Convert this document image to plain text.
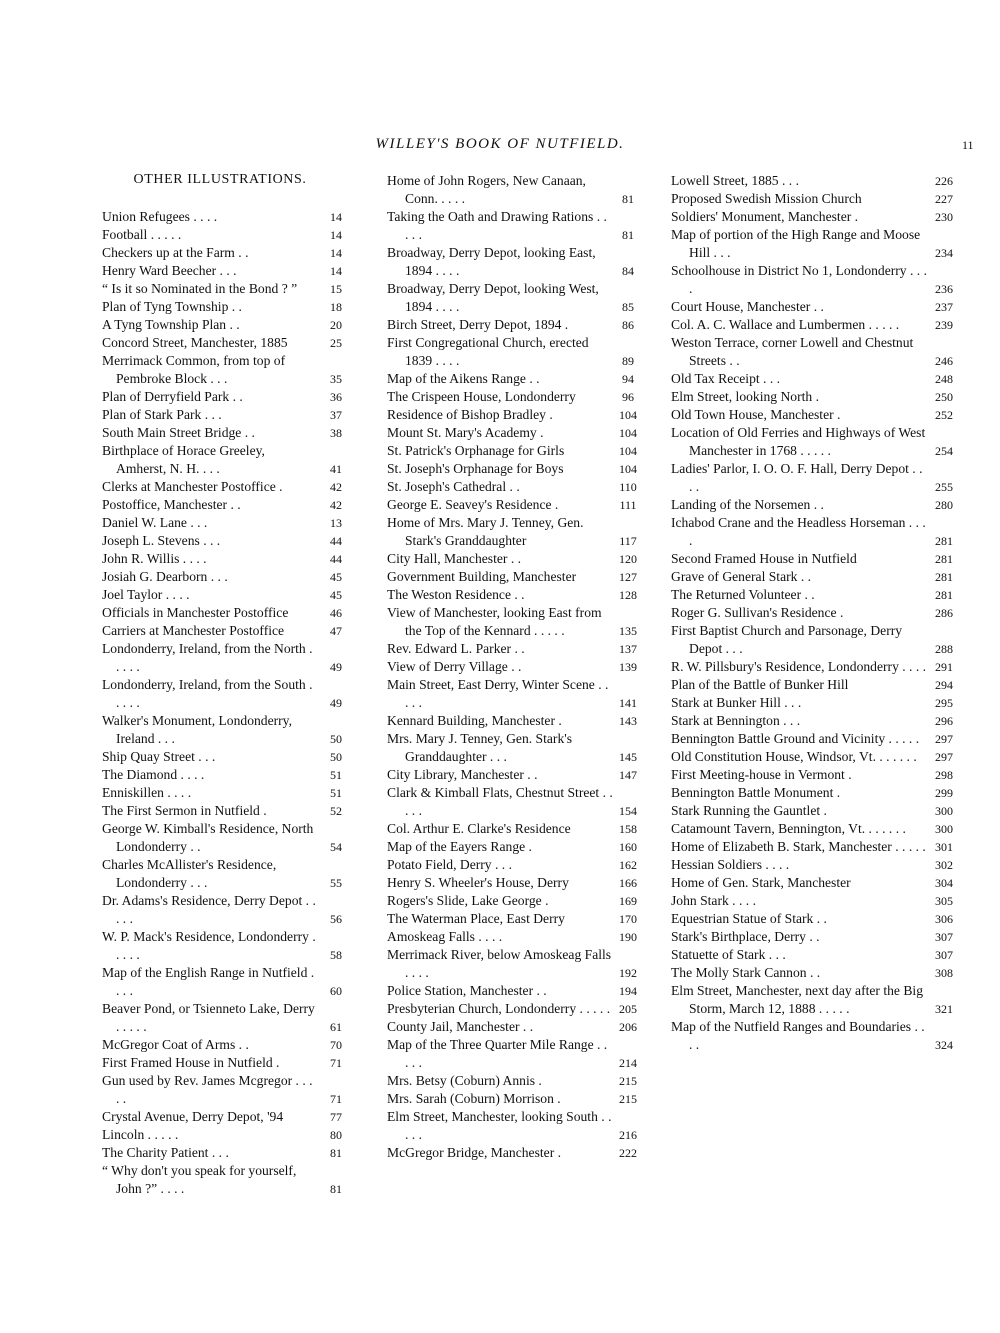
WILLEY'S BOOK OF NUTFIELD.	11
OTHER ILLUSTRATIONS.
Union Refugees . . . .	14
Football . . . . .	14
Checkers up at the Farm . .	14
Henry Ward Beecher . . .	14
“ Is it so Nominated in the Bond ? ”	15
Plan of Tyng Township . .	18
A Tyng Township Plan . .	20
Concord Street, Manchester, 1885	25
Merrimack Common, from top of Pembroke Block . . .	35
Plan of Derryfield Park . .	36
Plan of Stark Park . . .	37
South Main Street Bridge . .	38
Birthplace of Horace Greeley, Amherst, N. H. . . .	41
Clerks at Manchester Postoffice .	42
Postoffice, Manchester . .	42
Daniel W. Lane . . .	13
Joseph L. Stevens . . .	44
John R. Willis . . . .	44
Josiah G. Dearborn . . .	45
Joel Taylor . . . .	45
Officials in Manchester Postoffice	46
Carriers at Manchester Postoffice	47
Londonderry, Ireland, from the North . . . . .	49
Londonderry, Ireland, from the South . . . . .	49
Walker's Monument, Londonderry, Ireland . . .	50
Ship Quay Street . . .	50
The Diamond . . . .	51
Enniskillen . . . .	51
The First Sermon in Nutfield .	52
George W. Kimball's Residence, North Londonderry . .	54
Charles McAllister's Residence, Londonderry . . .	55
Dr. Adams's Residence, Derry Depot . . . . .	56
W. P. Mack's Residence, Londonderry . . . . .	58
Map of the English Range in Nutfield . . . .	60
Beaver Pond, or Tsienneto Lake, Derry . . . . .	61
McGregor Coat of Arms . .	70
First Framed House in Nutfield .	71
Gun used by Rev. James Mcgregor . . . . .	71
Crystal Avenue, Derry Depot, '94	77
Lincoln . . . . .	80
The Charity Patient . . .	81
“ Why don't you speak for yourself, John ?” . . . .	81
Home of John Rogers, New Canaan, Conn. . . . .	81
Taking the Oath and Drawing Rations . . . . .	81
Broadway, Derry Depot, looking East, 1894 . . . .	84
Broadway, Derry Depot, looking West, 1894 . . . .	85
Birch Street, Derry Depot, 1894 .	86
First Congregational Church, erected 1839 . . . .	89
Map of the Aikens Range . .	94
The Crispeen House, Londonderry	96
Residence of Bishop Bradley .	104
Mount St. Mary's Academy .	104
St. Patrick's Orphanage for Girls	104
St. Joseph's Orphanage for Boys	104
St. Joseph's Cathedral . .	110
George E. Seavey's Residence .	111
Home of Mrs. Mary J. Tenney, Gen. Stark's Granddaughter	117
City Hall, Manchester . .	120
Government Building, Manchester	127
The Weston Residence . .	128
View of Manchester, looking East from the Top of the Kennard . . . . .	135
Rev. Edward L. Parker . .	137
View of Derry Village . .	139
Main Street, East Derry, Winter Scene . . . . .	141
Kennard Building, Manchester .	143
Mrs. Mary J. Tenney, Gen. Stark's Granddaughter . . .	145
City Library, Manchester . .	147
Clark & Kimball Flats, Chestnut Street . . . . .	154
Col. Arthur E. Clarke's Residence	158
Map of the Eayers Range .	160
Potato Field, Derry . . .	162
Henry S. Wheeler's House, Derry	166
Rogers's Slide, Lake George .	169
The Waterman Place, East Derry	170
Amoskeag Falls . . . .	190
Merrimack River, below Amoskeag Falls . . . .	192
Police Station, Manchester . .	194
Presbyterian Church, Londonderry . . . . . 205
County Jail, Manchester . .	206
Map of the Three Quarter Mile Range . . . . .	214
Mrs. Betsy (Coburn) Annis .	215
Mrs. Sarah (Coburn) Morrison .	215
Elm Street, Manchester, looking South . . . . .	216
McGregor Bridge, Manchester .	222
Lowell Street, 1885 . . .	226
Proposed Swedish Mission Church	227
Soldiers' Monument, Manchester .	230
Map of portion of the High Range and Moose Hill . . .	234
Schoolhouse in District No 1, Londonderry . . . .	236
Court House, Manchester . .	237
Col. A. C. Wallace and Lumbermen . . . . .	239
Weston Terrace, corner Lowell and Chestnut Streets . .	246
Old Tax Receipt . . .	248
Elm Street, looking North .	250
Old Town House, Manchester .	252
Location of Old Ferries and Highways of West Manchester in 1768 . . . . .	254
Ladies' Parlor, I. O. O. F. Hall, Derry Depot . . . .	255
Landing of the Norsemen . .	280
Ichabod Crane and the Headless Horseman . . . .	281
Second Framed House in Nutfield	281
Grave of General Stark . .	281
The Returned Volunteer . .	281
Roger G. Sullivan's Residence .	286
First Baptist Church and Parsonage, Derry Depot . . .	288
R. W. Pillsbury's Residence, Londonderry . . . . 291
Plan of the Battle of Bunker Hill	294
Stark at Bunker Hill . . .	295
Stark at Bennington . . .	296
Bennington Battle Ground and Vicinity . . . . .	297
Old Constitution House, Windsor, Vt. . . . . . .	297
First Meeting-house in Vermont .	298
Bennington Battle Monument .	299
Stark Running the Gauntlet .	300
Catamount Tavern, Bennington, Vt. . . . . . .	300
Home of Elizabeth B. Stark, Manchester . . . . . 301
Hessian Soldiers . . . .	302
Home of Gen. Stark, Manchester	304
John Stark . . . .	305
Equestrian Statue of Stark . .	306
Stark's Birthplace, Derry . .	307
Statuette of Stark . . .	307
The Molly Stark Cannon . .	308
Elm Street, Manchester, next day after the Big Storm, March 12, 1888 . . . . .	321
Map of the Nutfield Ranges and Boundaries . . . .	324
